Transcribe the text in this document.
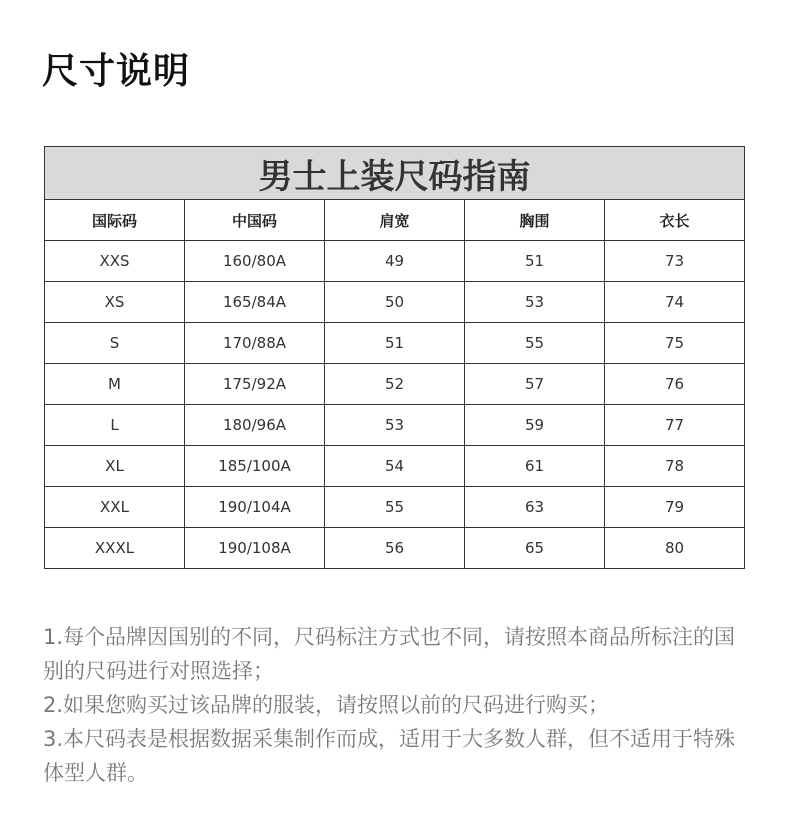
尺寸说明
男士上装尺码指南				
国际码	中国码	肩宽	胸围	衣长
XXS	160/80A	49	51	73
XS	165/84A	50	53	74
S	170/88A	51	55	75
M	175/92A	52	57	76
L	180/96A	53	59	77
XL	185/100A	54	61	78
XXL	190/104A	55	63	79
XXXL	190/108A	56	65	80

1.每个品牌因国别的不同，尺码标注方式也不同，请按照本商品所标注的国别的尺码进行对照选择；

2.如果您购买过该品牌的服装，请按照以前的尺码进行购买；

3.本尺码表是根据数据采集制作而成，适用于大多数人群，但不适用于特殊体型人群。
